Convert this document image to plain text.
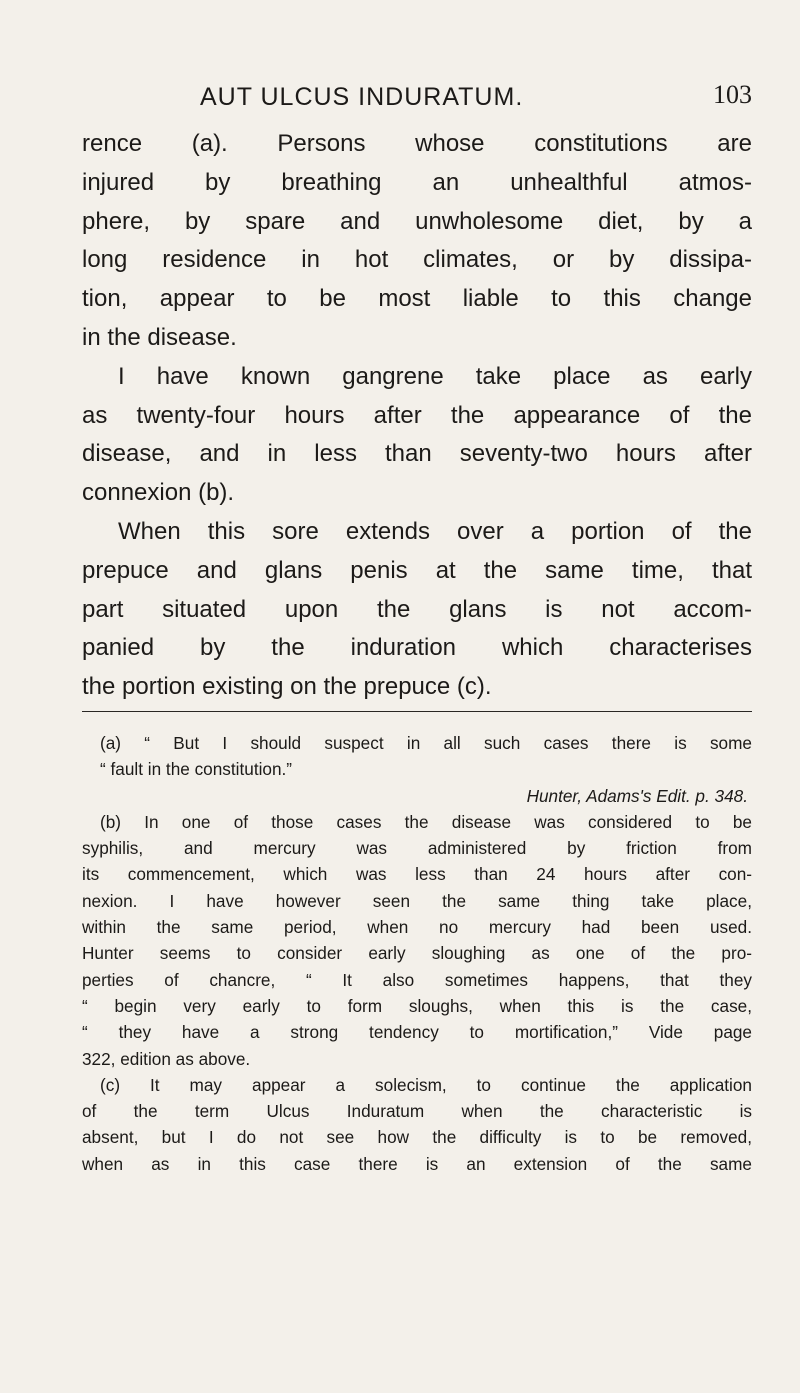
AUT ULCUS INDURATUM.	103
rence (a). Persons whose constitutions are
injured by breathing an unhealthful atmos-
phere, by spare and unwholesome diet, by a
long residence in hot climates, or by dissipa-
tion, appear to be most liable to this change
in the disease.
I have known gangrene take place as early
as twenty-four hours after the appearance of the
disease, and in less than seventy-two hours after
connexion (b).
When this sore extends over a portion of the
prepuce and glans penis at the same time, that
part situated upon the glans is not accom-
panied by the induration which characterises
the portion existing on the prepuce (c).
(a) “ But I should suspect in all such cases there is some
“ fault in the constitution.”
Hunter, Adams's Edit. p. 348.
(b) In one of those cases the disease was considered to be
syphilis, and mercury was administered by friction from
its commencement, which was less than 24 hours after con-
nexion. I have however seen the same thing take place,
within the same period, when no mercury had been used.
Hunter seems to consider early sloughing as one of the pro-
perties of chancre, “ It also sometimes happens, that they
“ begin very early to form sloughs, when this is the case,
“ they have a strong tendency to mortification,” Vide page
322, edition as above.
(c) It may appear a solecism, to continue the application
of the term Ulcus Induratum when the characteristic is
absent, but I do not see how the difficulty is to be removed,
when as in this case there is an extension of the same
